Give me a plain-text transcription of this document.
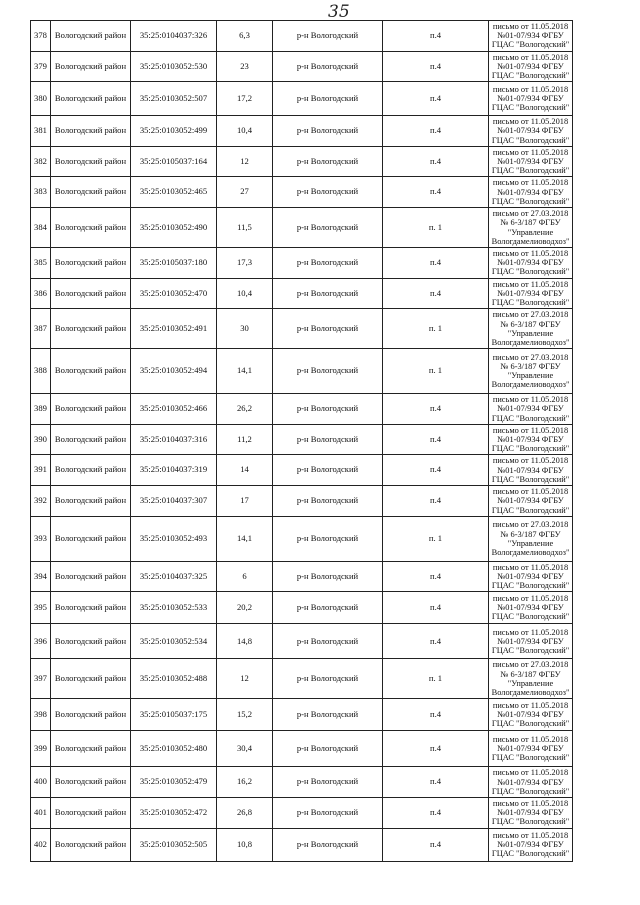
35
378	Вологодский район	35:25:0104037:326	6,3	р-н Вологодский	п.4	письмо от 11.05.2018 №01-07/934 ФГБУ ГЦАС "Вологодский"
379	Вологодский район	35:25:0103052:530	23	р-н Вологодский	п.4	письмо от 11.05.2018 №01-07/934 ФГБУ ГЦАС "Вологодский"
380	Вологодский район	35:25:0103052:507	17,2	р-н Вологодский	п.4	письмо от 11.05.2018 №01-07/934 ФГБУ ГЦАС "Вологодский"
381	Вологодский район	35:25:0103052:499	10,4	р-н Вологодский	п.4	письмо от 11.05.2018 №01-07/934 ФГБУ ГЦАС "Вологодский"
382	Вологодский район	35:25:0105037:164	12	р-н Вологодский	п.4	письмо от 11.05.2018 №01-07/934 ФГБУ ГЦАС "Вологодский"
383	Вологодский район	35:25:0103052:465	27	р-н Вологодский	п.4	письмо от 11.05.2018 №01-07/934 ФГБУ ГЦАС "Вологодский"
384	Вологодский район	35:25:0103052:490	11,5	р-н Вологодский	п. 1	письмо от 27.03.2018 № 6-3/187 ФГБУ "Управление Вологдамелиоводхоз"
385	Вологодский район	35:25:0105037:180	17,3	р-н Вологодский	п.4	письмо от 11.05.2018 №01-07/934 ФГБУ ГЦАС "Вологодский"
386	Вологодский район	35:25:0103052:470	10,4	р-н Вологодский	п.4	письмо от 11.05.2018 №01-07/934 ФГБУ ГЦАС "Вологодский"
387	Вологодский район	35:25:0103052:491	30	р-н Вологодский	п. 1	письмо от 27.03.2018 № 6-3/187 ФГБУ "Управление Вологдамелиоводхоз"
388	Вологодский район	35:25:0103052:494	14,1	р-н Вологодский	п. 1	письмо от 27.03.2018 № 6-3/187 ФГБУ "Управление Вологдамелиоводхоз"
389	Вологодский район	35:25:0103052:466	26,2	р-н Вологодский	п.4	письмо от 11.05.2018 №01-07/934 ФГБУ ГЦАС "Вологодский"
390	Вологодский район	35:25:0104037:316	11,2	р-н Вологодский	п.4	письмо от 11.05.2018 №01-07/934 ФГБУ ГЦАС "Вологодский"
391	Вологодский район	35:25:0104037:319	14	р-н Вологодский	п.4	письмо от 11.05.2018 №01-07/934 ФГБУ ГЦАС "Вологодский"
392	Вологодский район	35:25:0104037:307	17	р-н Вологодский	п.4	письмо от 11.05.2018 №01-07/934 ФГБУ ГЦАС "Вологодский"
393	Вологодский район	35:25:0103052:493	14,1	р-н Вологодский	п. 1	письмо от 27.03.2018 № 6-3/187 ФГБУ "Управление Вологдамелиоводхоз"
394	Вологодский район	35:25:0104037:325	6	р-н Вологодский	п.4	письмо от 11.05.2018 №01-07/934 ФГБУ ГЦАС "Вологодский"
395	Вологодский район	35:25:0103052:533	20,2	р-н Вологодский	п.4	письмо от 11.05.2018 №01-07/934 ФГБУ ГЦАС "Вологодский"
396	Вологодский район	35:25:0103052:534	14,8	р-н Вологодский	п.4	письмо от 11.05.2018 №01-07/934 ФГБУ ГЦАС "Вологодский"
397	Вологодский район	35:25:0103052:488	12	р-н Вологодский	п. 1	письмо от 27.03.2018 № 6-3/187 ФГБУ "Управление Вологдамелиоводхоз"
398	Вологодский район	35:25:0105037:175	15,2	р-н Вологодский	п.4	письмо от 11.05.2018 №01-07/934 ФГБУ ГЦАС "Вологодский"
399	Вологодский район	35:25:0103052:480	30,4	р-н Вологодский	п.4	письмо от 11.05.2018 №01-07/934 ФГБУ ГЦАС "Вологодский"
400	Вологодский район	35:25:0103052:479	16,2	р-н Вологодский	п.4	письмо от 11.05.2018 №01-07/934 ФГБУ ГЦАС "Вологодский"
401	Вологодский район	35:25:0103052:472	26,8	р-н Вологодский	п.4	письмо от 11.05.2018 №01-07/934 ФГБУ ГЦАС "Вологодский"
402	Вологодский район	35:25:0103052:505	10,8	р-н Вологодский	п.4	письмо от 11.05.2018 №01-07/934 ФГБУ ГЦАС "Вологодский"
